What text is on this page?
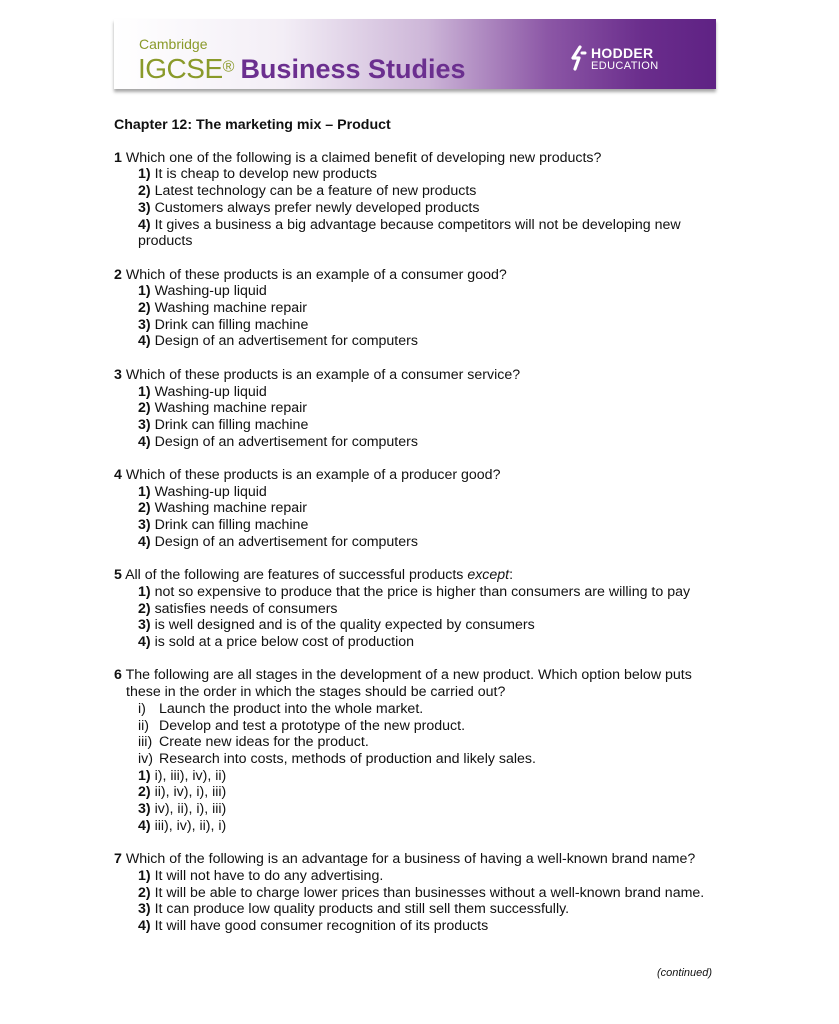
Cambridge
IGCSE® Business Studies
HODDER
EDUCATION
Chapter 12: The marketing mix – Product
1 Which one of the following is a claimed benefit of developing new products?
1) It is cheap to develop new products
2) Latest technology can be a feature of new products
3) Customers always prefer newly developed products
4) It gives a business a big advantage because competitors will not be developing new products
2 Which of these products is an example of a consumer good?
1) Washing-up liquid
2) Washing machine repair
3) Drink can filling machine
4) Design of an advertisement for computers
3 Which of these products is an example of a consumer service?
1) Washing-up liquid
2) Washing machine repair
3) Drink can filling machine
4) Design of an advertisement for computers
4 Which of these products is an example of a producer good?
1) Washing-up liquid
2) Washing machine repair
3) Drink can filling machine
4) Design of an advertisement for computers
5 All of the following are features of successful products except:
1) not so expensive to produce that the price is higher than consumers are willing to pay
2) satisfies needs of consumers
3) is well designed and is of the quality expected by consumers
4) is sold at a price below cost of production
6 The following are all stages in the development of a new product. Which option below puts these in the order in which the stages should be carried out?
i) Launch the product into the whole market.
ii) Develop and test a prototype of the new product.
iii) Create new ideas for the product.
iv) Research into costs, methods of production and likely sales.
1) i), iii), iv), ii)
2) ii), iv), i), iii)
3) iv), ii), i), iii)
4) iii), iv), ii), i)
7 Which of the following is an advantage for a business of having a well-known brand name?
1) It will not have to do any advertising.
2) It will be able to charge lower prices than businesses without a well-known brand name.
3) It can produce low quality products and still sell them successfully.
4) It will have good consumer recognition of its products
(continued)
